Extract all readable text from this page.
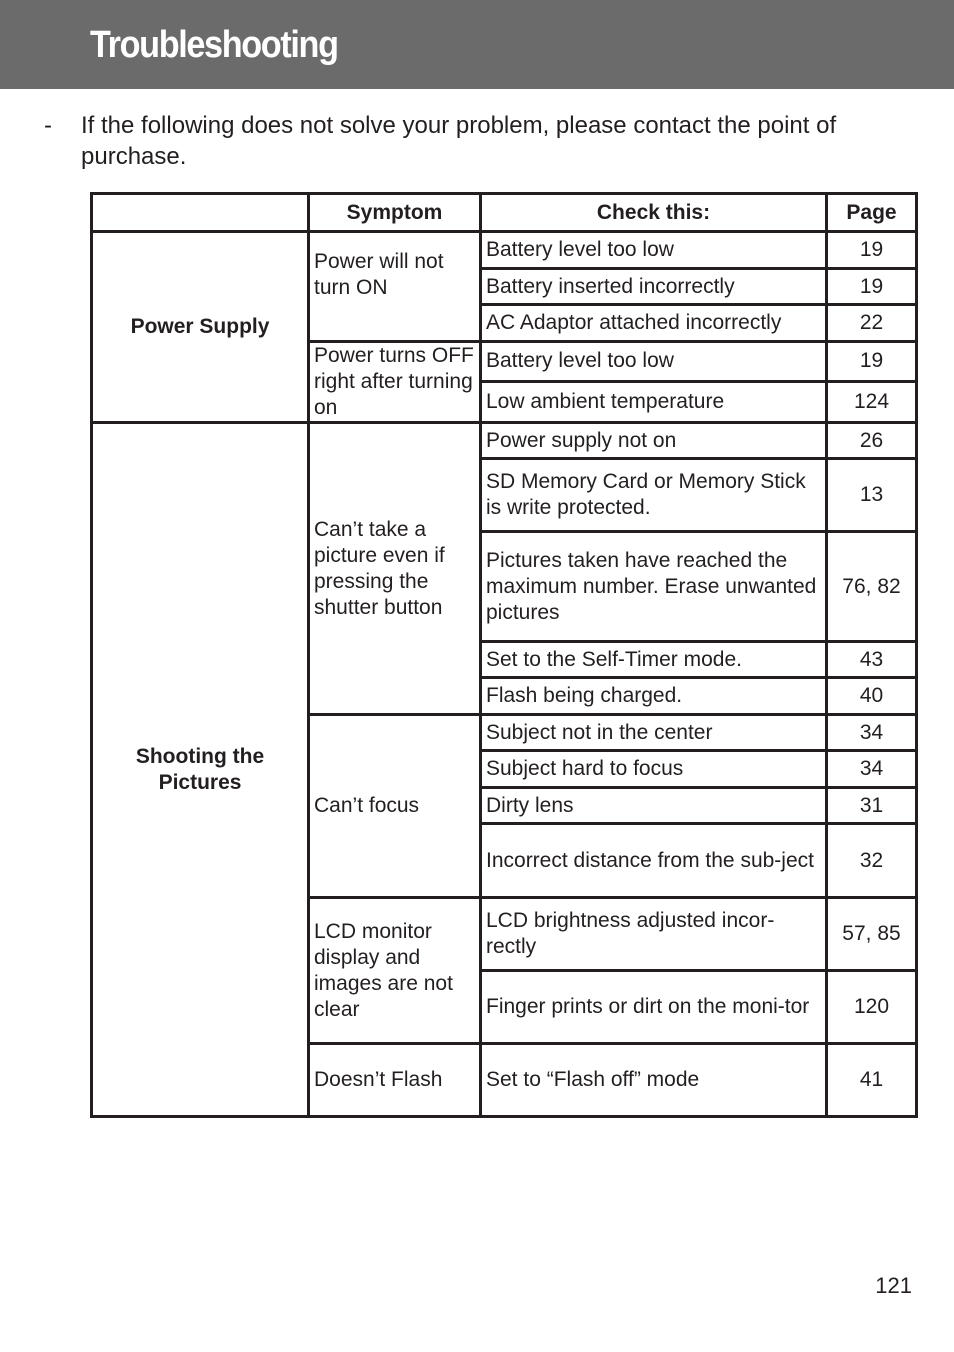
Troubleshooting
- If the following does not solve your problem, please contact the point of purchase.
	Symptom	Check this:	Page
Power Supply	Power will not turn ON	Battery level too low	19
		Battery inserted incorrectly	19
		AC Adaptor attached incorrectly	22
	Power turns OFF right after turning on	Battery level too low	19
		Low ambient temperature	124
Shooting the Pictures	Can’t take a picture even if pressing the shutter button	Power supply not on	26
		SD Memory Card or Memory Stick is write protected.	13
		Pictures taken have reached the maximum number. Erase unwanted pictures	76, 82
		Set to the Self-Timer mode.	43
		Flash being charged.	40
	Can’t focus	Subject not in the center	34
		Subject hard to focus	34
		Dirty lens	31
		Incorrect distance from the sub-ject	32
	LCD monitor display and images are not clear	LCD brightness adjusted incor-rectly	57, 85
		Finger prints or dirt on the moni-tor	120
	Doesn’t Flash	Set to “Flash off” mode	41
121
